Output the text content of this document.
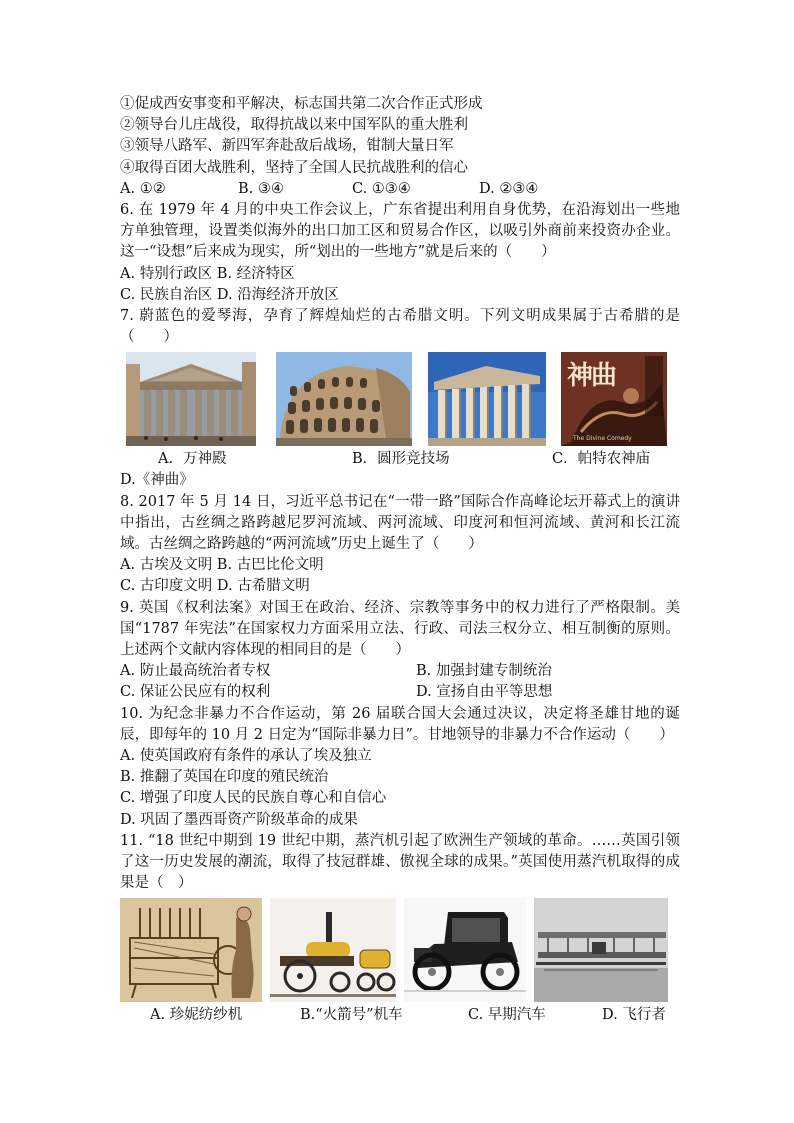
①促成西安事变和平解决，标志国共第二次合作正式形成
②领导台儿庄战役，取得抗战以来中国军队的重大胜利
③领导八路军、新四军奔赴敌后战场，钳制大量日军
④取得百团大战胜利，坚持了全国人民抗战胜利的信心
A. ①②	B. ③④	C. ①③④	D. ②③④
6. 在 1979 年 4 月的中央工作会议上，广东省提出利用自身优势，在沿海划出一些地方单独管理，设置类似海外的出口加工区和贸易合作区，以吸引外商前来投资办企业。这一“设想”后来成为现实，所“划出的一些地方”就是后来的（　　）
A. 特别行政区 B. 经济特区
C. 民族自治区 D. 沿海经济开放区
7. 蔚蓝色的爱琴海，孕育了辉煌灿烂的古希腊文明。下列文明成果属于古希腊的是（　　）
The Divine Comedy
神曲
A．万神殿	B．圆形竞技场	C．帕特农神庙
D.《神曲》
8. 2017 年 5 月 14 日，习近平总书记在“一带一路”国际合作高峰论坛开幕式上的演讲中指出，古丝绸之路跨越尼罗河流域、两河流域、印度河和恒河流域、黄河和长江流域。古丝绸之路跨越的“两河流域”历史上诞生了（　　）
A. 古埃及文明 B. 古巴比伦文明
C. 古印度文明 D. 古希腊文明
9. 英国《权利法案》对国王在政治、经济、宗教等事务中的权力进行了严格限制。美国“1787 年宪法”在国家权力方面采用立法、行政、司法三权分立、相互制衡的原则。上述两个文献内容体现的相同目的是（　　）
A. 防止最高统治者专权	B. 加强封建专制统治
C. 保证公民应有的权利	D. 宣扬自由平等思想
10. 为纪念非暴力不合作运动，第 26 届联合国大会通过决议，决定将圣雄甘地的诞辰，即每年的 10 月 2 日定为“国际非暴力日”。甘地领导的非暴力不合作运动（　　）
A. 使英国政府有条件的承认了埃及独立
B. 推翻了英国在印度的殖民统治
C. 增强了印度人民的民族自尊心和自信心
D. 巩固了墨西哥资产阶级革命的成果
11. “18 世纪中期到 19 世纪中期，蒸汽机引起了欧洲生产领域的革命。……英国引领了这一历史发展的潮流，取得了技冠群雄、傲视全球的成果。”英国使用蒸汽机取得的成果是（　）
A. 珍妮纺纱机	B.“火箭号”机车	C. 早期汽车	D. 飞行者
